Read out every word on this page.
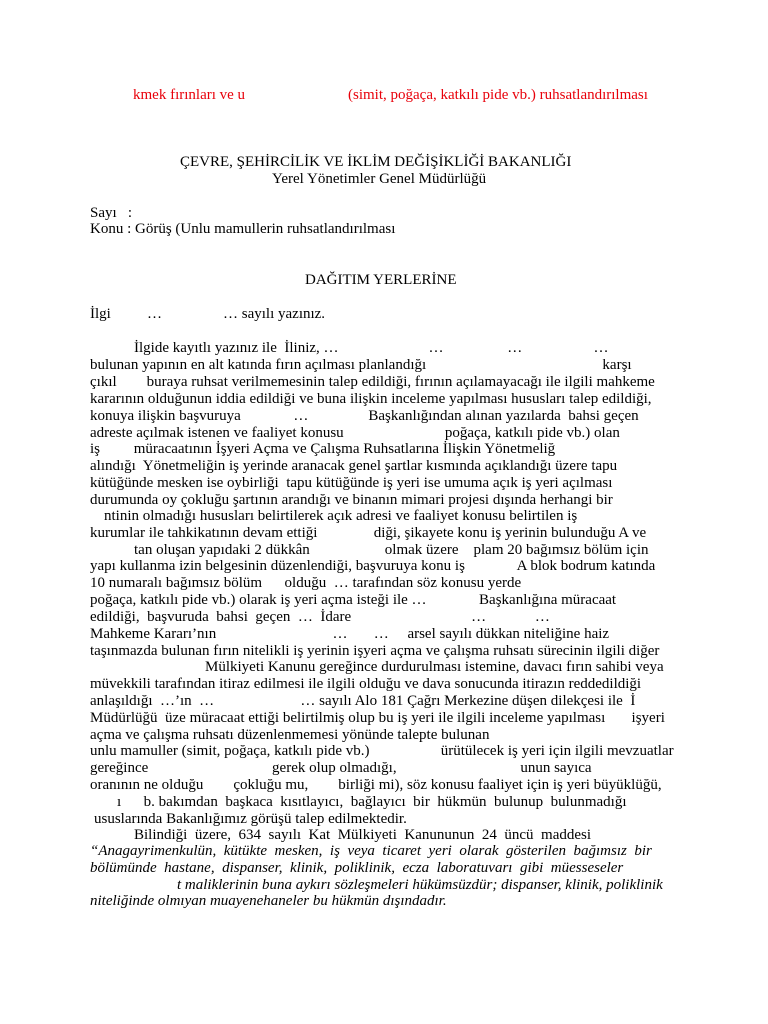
kmek fırınları ve u	(simit, poğaça, katkılı pide vb.) ruhsatlandırılması
ÇEVRE, ŞEHİRCİLİK VE İKLİM DEĞİŞİKLİĞİ BAKANLIĞI
Yerel Yönetimler Genel Müdürlüğü
Sayı   :
Konu : Görüş (Unlu mamullerin ruhsatlandırılması
DAĞITIM YERLERİNE
İlgi …	… sayılı yazınız.
İlgide kayıtlı yazınız ile  İliniz, …                        …                 …                   …
bulunan yapının en alt katında fırın açılması planlandığı                                               karşı
çıkıl        buraya ruhsat verilmemesinin talep edildiği, fırının açılamayacağı ile ilgili mahkeme
kararının olduğunun iddia edildiği ve buna ilişkin inceleme yapılması hususları talep edildiği,
konuya ilişkin başvuruya              …                Başkanlığından alınan yazılarda  bahsi geçen
adreste açılmak istenen ve faaliyet konusu                           poğaça, katkılı pide vb.) olan
iş         müracaatının İşyeri Açma ve Çalışma Ruhsatlarına İlişkin Yönetmeliğ
alındığı  Yönetmeliğin iş yerinde aranacak genel şartlar kısmında açıklandığı üzere tapu
kütüğünde mesken ise oybirliği  tapu kütüğünde iş yeri ise umuma açık iş yeri açılması
durumunda oy çokluğu şartının arandığı ve binanın mimari projesi dışında herhangi bir
ntinin olmadığı hususları belirtilerek açık adresi ve faaliyet konusu belirtilen iş
kurumlar ile tahkikatının devam ettiği               diği, şikayete konu iş yerinin bulunduğu A ve
tan oluşan yapıdaki 2 dükkân                    olmak üzere    plam 20 bağımsız bölüm için
yapı kullanma izin belgesinin düzenlendiği, başvuruya konu iş              A blok bodrum katında
10 numaralı bağımsız bölüm      olduğu  … tarafından söz konusu yerde
poğaça, katkılı pide vb.) olarak iş yeri açma isteği ile …              Başkanlığına müracaat
edildiği,  başvuruda  bahsi  geçen  …  İdare                                …             …
Mahkeme Kararı’nın                               …       …     arsel sayılı dükkan niteliğine haiz
taşınmazda bulunan fırın nitelikli iş yerinin işyeri açma ve çalışma ruhsatı sürecinin ilgili diğer
Mülkiyeti Kanunu gereğince durdurulması istemine, davacı fırın sahibi veya
müvekkili tarafından itiraz edilmesi ile ilgili olduğu ve dava sonucunda itirazın reddedildiği
anlaşıldığı  …’ın  …                       … sayılı Alo 181 Çağrı Merkezine düşen dilekçesi ile  İ
Müdürlüğü  üze müracaat ettiği belirtilmiş olup bu iş yeri ile ilgili inceleme yapılması       işyeri
açma ve çalışma ruhsatı düzenlenmemesi yönünde talepte bulunan
unlu mamuller (simit, poğaça, katkılı pide vb.)                   ürütülecek iş yeri için ilgili mevzuatlar
gereğince                                 gerek olup olmadığı,                                 unun sayıca
oranının ne olduğu        çokluğu mu,        birliği mi), söz konusu faaliyet için iş yeri büyüklüğü,
ı      b. bakımdan  başkaca  kısıtlayıcı,  bağlayıcı  bir  hükmün  bulunup  bulunmadığı
ususlarında Bakanlığımız görüşü talep edilmektedir.
Bilindiği  üzere,  634  sayılı  Kat  Mülkiyeti  Kanununun  24  üncü  maddesi
“Anagayrimenkulün,  kütükte  mesken,  iş  veya  ticaret  yeri  olarak  gösterilen  bağımsız  bir
bölümünde  hastane,  dispanser,  klinik,  poliklinik,  ecza  laboratuvarı  gibi  müesseseler
t maliklerinin buna aykırı sözleşmeleri hükümsüzdür; dispanser, klinik, poliklinik
niteliğinde olmıyan muayenehaneler bu hükmün dışındadır.
